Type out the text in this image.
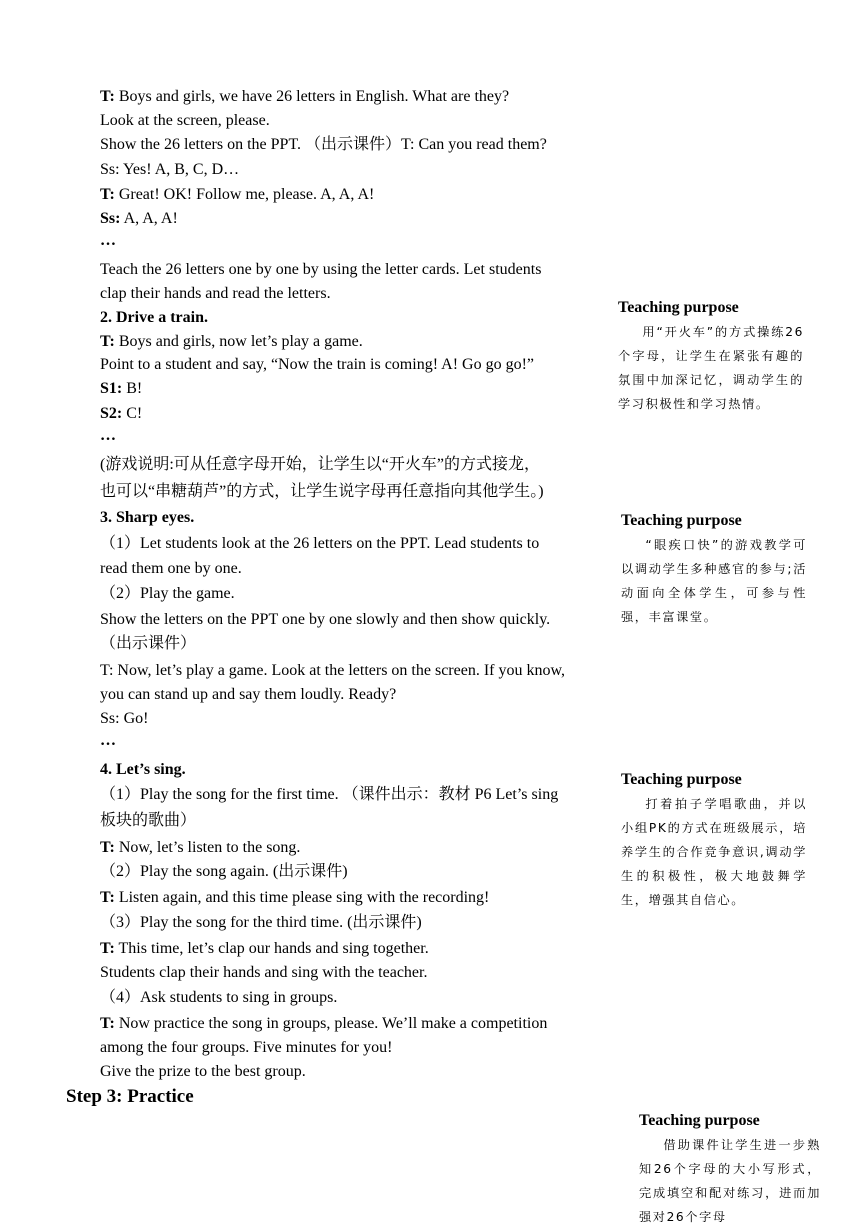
T: Boys and girls, we have 26 letters in English. What are they?
Look at the screen, please.
Show the 26 letters on the PPT. （出示课件）T: Can you read them?
Ss: Yes! A, B, C, D…
T: Great! OK! Follow me, please. A, A, A!
Ss: A, A, A!
…
Teach the 26 letters one by one by using the letter cards. Let students
clap their hands and read the letters.
2. Drive a train.
T: Boys and girls, now let’s play a game.
Point to a student and say, “Now the train is coming! A! Go go go!”
S1: B!
S2: C!
…
(游戏说明:可从任意字母开始，让学生以“开火车”的方式接龙，
也可以“串糖葫芦”的方式，让学生说字母再任意指向其他学生。)
3. Sharp eyes.
（1）Let students look at the 26 letters on the PPT. Lead students to
read them one by one.
（2）Play the game.
Show the letters on the PPT one by one slowly and then show quickly.
（出示课件）
T: Now, let’s play a game. Look at the letters on the screen. If you know,
you can stand up and say them loudly. Ready?
Ss: Go!
…
4. Let’s sing.
（1）Play the song for the first time. （课件出示：教材 P6 Let’s sing
板块的歌曲）
T: Now, let’s listen to the song.
（2）Play the song again. (出示课件)
T: Listen again, and this time please sing with the recording!
（3）Play the song for the third time. (出示课件)
T: This time, let’s clap our hands and sing together.
Students clap their hands and sing with the teacher.
（4）Ask students to sing in groups.
T: Now practice the song in groups, please. We’ll make a competition
among the four groups. Five minutes for you!
Give the prize to the best group.
Step 3: Practice
Teaching purpose
用“开火车”的方式操练26个字母，让学生在紧张有趣的氛围中加深记忆，调动学生的学习积极性和学习热情。
Teaching purpose
“眼疾口快”的游戏教学可以调动学生多种感官的参与;活动面向全体学生，可参与性强，丰富课堂。
Teaching purpose
打着拍子学唱歌曲，并以小组PK的方式在班级展示，培养学生的合作竞争意识,调动学生的积极性，极大地鼓舞学生，增强其自信心。
Teaching purpose
借助课件让学生进一步熟知26个字母的大小写形式，完成填空和配对练习，进而加强对26个字母
